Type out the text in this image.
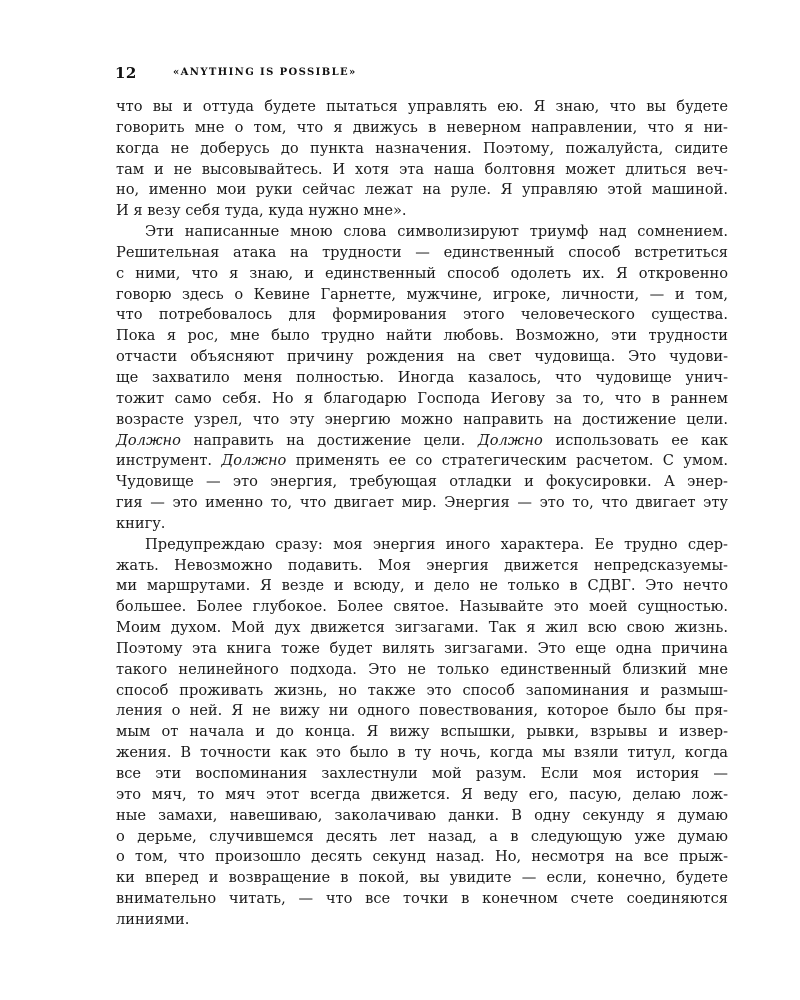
12	«ANYTHING IS POSSIBLE»

что вы и оттуда будете пытаться управлять ею. Я знаю, что вы будете
говорить мне о том, что я движусь в неверном направлении, что я ни-
когда не доберусь до пункта назначения. Поэтому, пожалуйста, сидите
там и не высовывайтесь. И хотя эта наша болтовня может длиться веч-
но, именно мои руки сейчас лежат на руле. Я управляю этой машиной.
И я везу себя туда, куда нужно мне».

Эти написанные мною слова символизируют триумф над сомнением.
Решительная атака на трудности — единственный способ встретиться
с ними, что я знаю, и единственный способ одолеть их. Я откровенно
говорю здесь о Кевине Гарнетте, мужчине, игроке, личности, — и том,
что потребовалось для формирования этого человеческого существа.
Пока я рос, мне было трудно найти любовь. Возможно, эти трудности
отчасти объясняют причину рождения на свет чудовища. Это чудови-
ще захватило меня полностью. Иногда казалось, что чудовище унич-
тожит само себя. Но я благодарю Господа Иегову за то, что в раннем
возрасте узрел, что эту энергию можно направить на достижение цели.
Должно направить на достижение цели. Должно использовать ее как
инструмент. Должно применять ее со стратегическим расчетом. С умом.
Чудовище — это энергия, требующая отладки и фокусировки. А энер-
гия — это именно то, что двигает мир. Энергия — это то, что двигает эту
книгу.

Предупреждаю сразу: моя энергия иного характера. Ее трудно сдер-
жать. Невозможно подавить. Моя энергия движется непредсказуемы-
ми маршрутами. Я везде и всюду, и дело не только в СДВГ. Это нечто
большее. Более глубокое. Более святое. Называйте это моей сущностью.
Моим духом. Мой дух движется зигзагами. Так я жил всю свою жизнь.
Поэтому эта книга тоже будет вилять зигзагами. Это еще одна причина
такого нелинейного подхода. Это не только единственный близкий мне
способ проживать жизнь, но также это способ запоминания и размыш-
ления о ней. Я не вижу ни одного повествования, которое было бы пря-
мым от начала и до конца. Я вижу вспышки, рывки, взрывы и извер-
жения. В точности как это было в ту ночь, когда мы взяли титул, когда
все эти воспоминания захлестнули мой разум. Если моя история —
это мяч, то мяч этот всегда движется. Я веду его, пасую, делаю лож-
ные замахи, навешиваю, заколачиваю данки. В одну секунду я думаю
о дерьме, случившемся десять лет назад, а в следующую уже думаю
о том, что произошло десять секунд назад. Но, несмотря на все прыж-
ки вперед и возвращение в покой, вы увидите — если, конечно, будете
внимательно читать, — что все точки в конечном счете соединяются
линиями.
